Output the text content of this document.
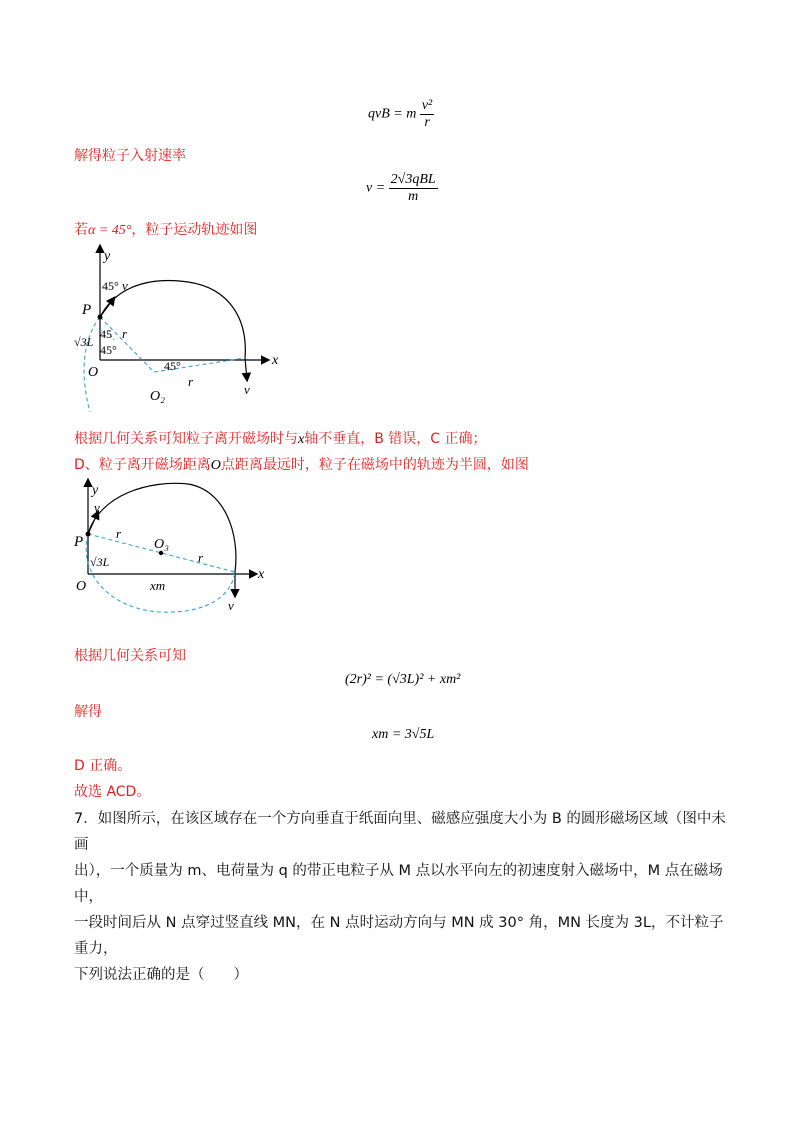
qvB = m $\frac{\text{v²}}{r}$
解得粒子入射速率
$v = \frac{\text{2√3qBL}}{m}$
若α = 45°，粒子运动轨迹如图
y
x
O
P
45° v
√3L
45 r
45°
45°
r
O₂	v
根据几何关系可知粒子离开磁场时与x轴不垂直，B 错误，C 正确；
D、粒子离开磁场距离O点距离最远时，粒子在磁场中的轨迹为半圆，如图
y
x
O
P
v
r
O₃
r
√3L
xm
v
根据几何关系可知
(2r)² = (√3L)² + xm²
解得
xm = 3√5L
D 正确。
故选 ACD。
7．如图所示，在该区域存在一个方向垂直于纸面向里、磁感应强度大小为 B 的圆形磁场区域（图中未画
出），一个质量为 m、电荷量为 q 的带正电粒子从 M 点以水平向左的初速度射入磁场中，M 点在磁场中，
一段时间后从 N 点穿过竖直线 MN，在 N 点时运动方向与 MN 成 30° 角，MN 长度为 3L，不计粒子重力，
下列说法正确的是（　　）
